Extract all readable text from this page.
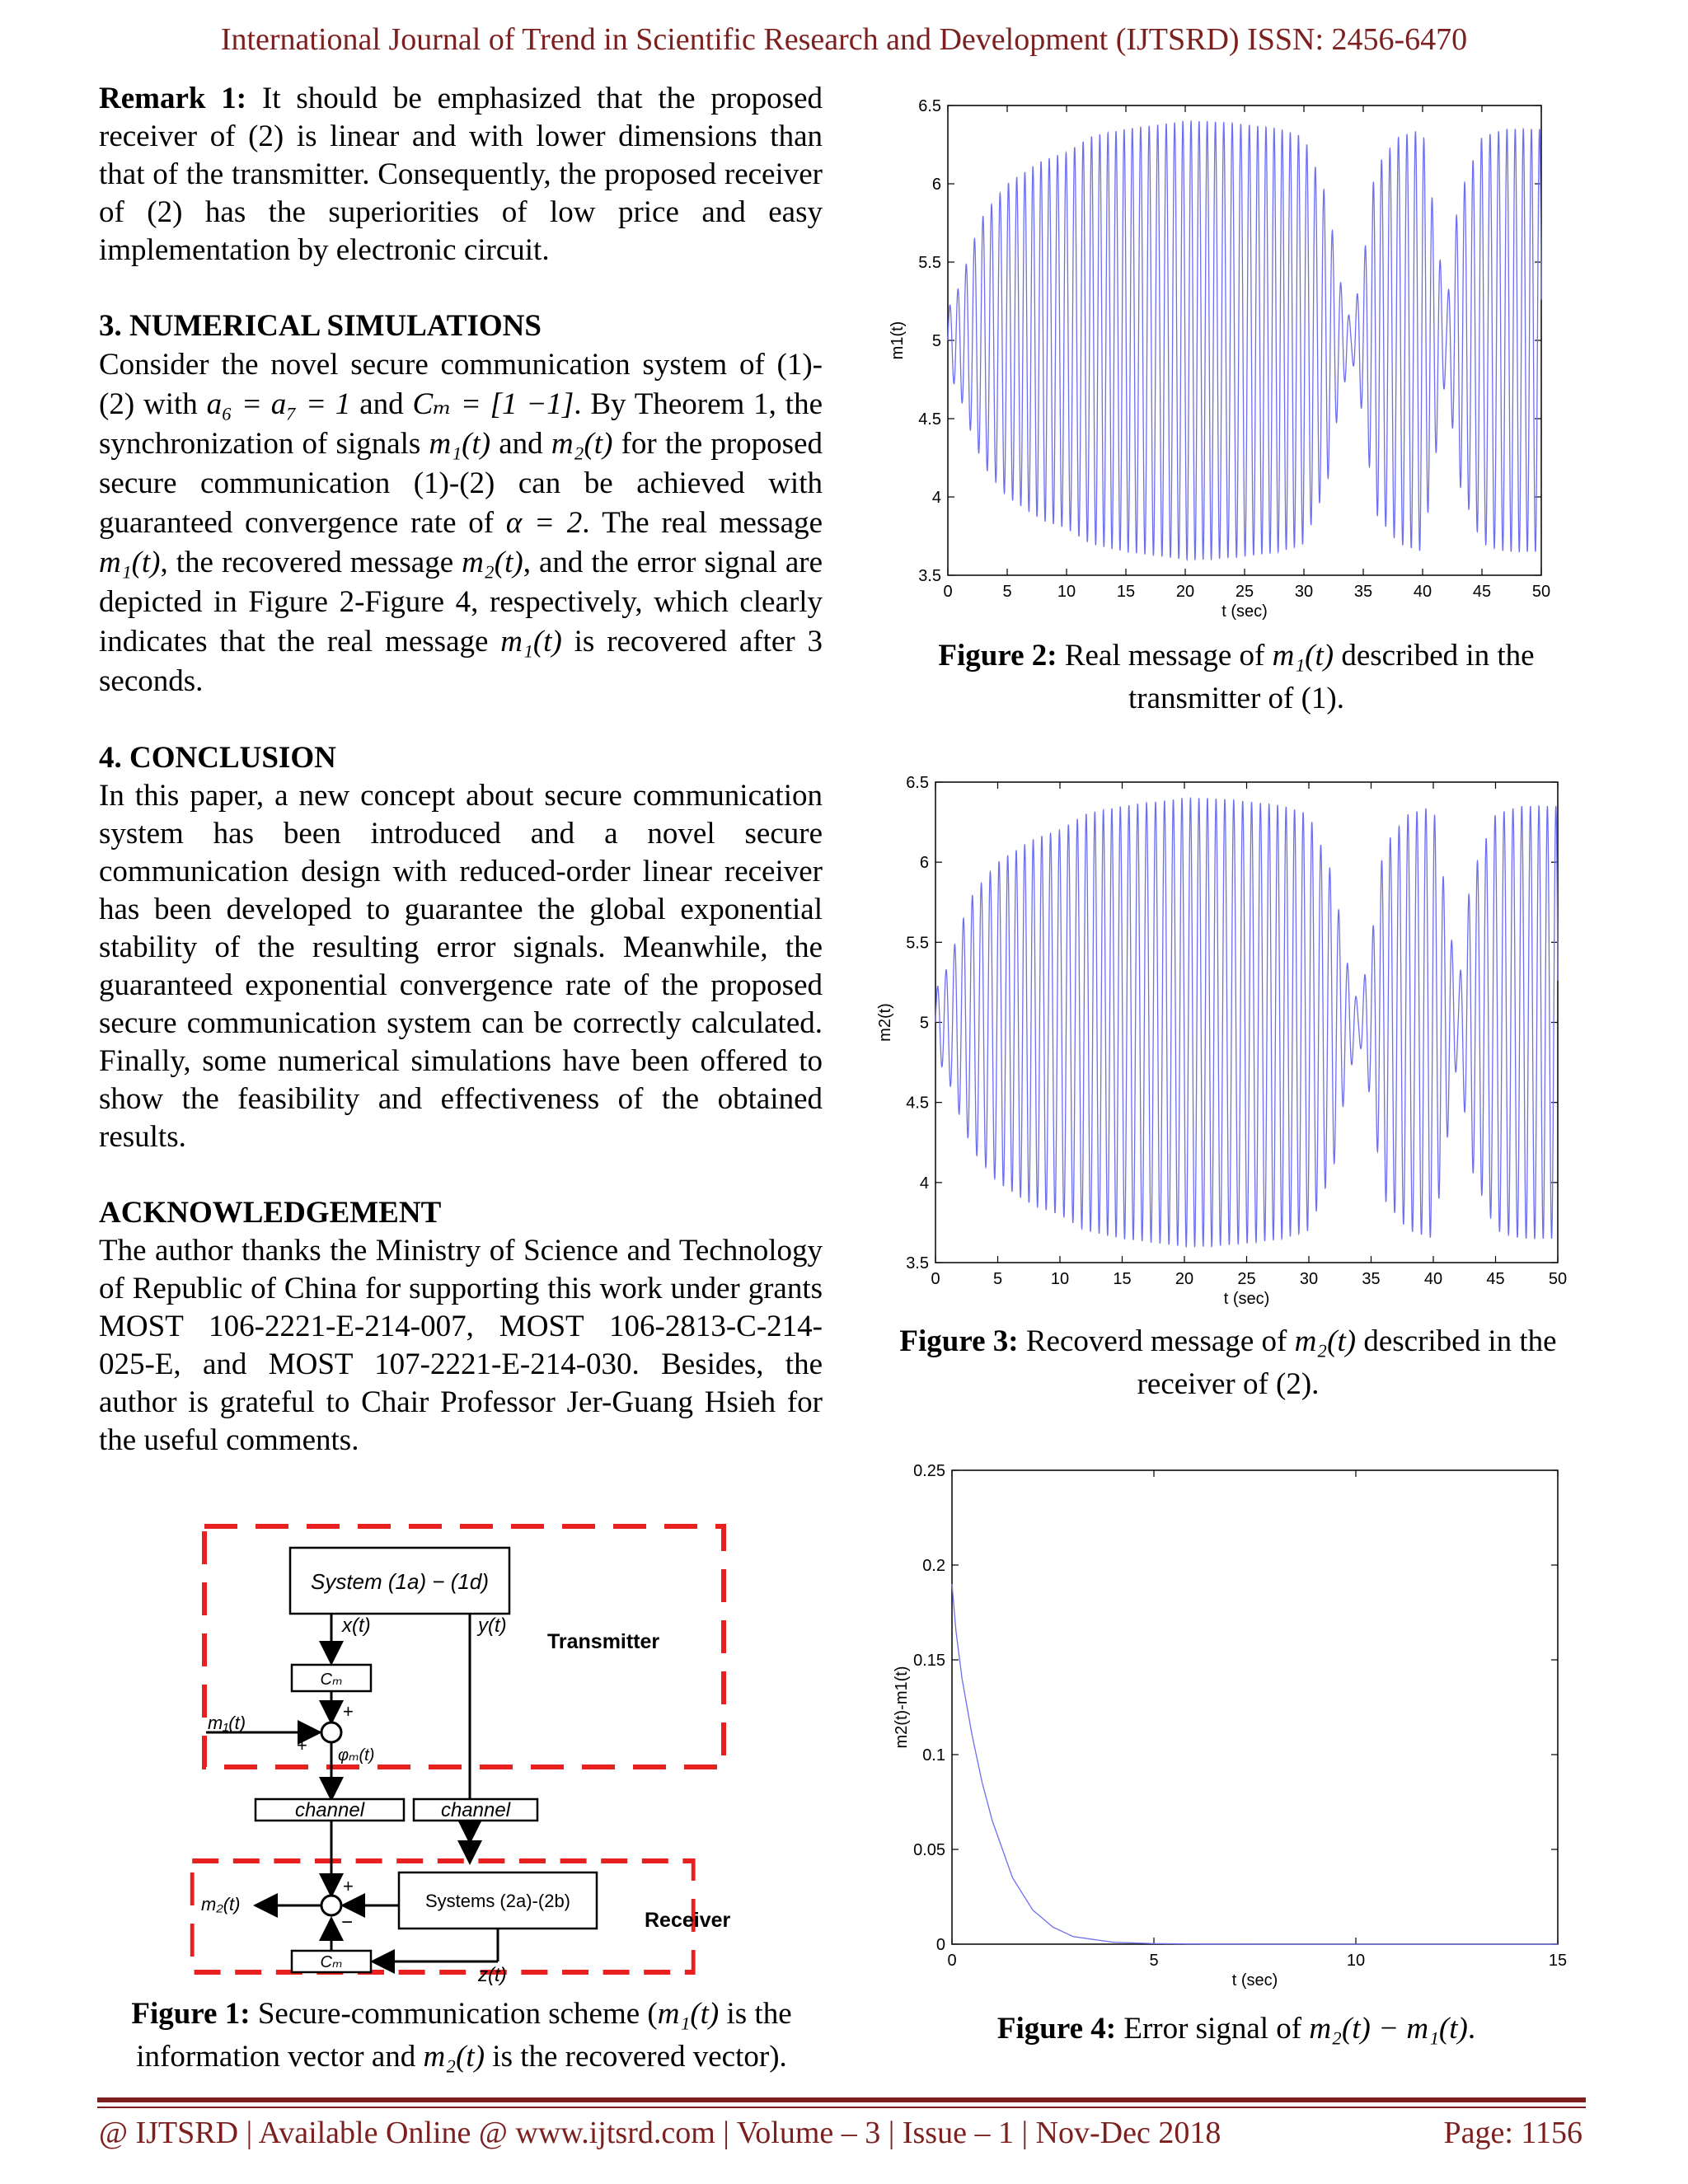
International Journal of Trend in Scientific Research and Development (IJTSRD) ISSN: 2456-6470

Remark 1: It should be emphasized that the proposed receiver of (2) is linear and with lower dimensions than that of the transmitter. Consequently, the proposed receiver of (2) has the superiorities of low price and easy implementation by electronic circuit.

3. NUMERICAL SIMULATIONS

Consider the novel secure communication system of (1)-(2) with a₆ = a₇ = 1 and Cₘ = [1 −1]. By Theorem 1, the synchronization of signals m₁(t) and m₂(t) for the proposed secure communication (1)-(2) can be achieved with guaranteed convergence rate of α = 2. The real message m₁(t), the recovered message m₂(t), and the error signal are depicted in Figure 2-Figure 4, respectively, which clearly indicates that the real message m₁(t) is recovered after 3 seconds.

4. CONCLUSION

In this paper, a new concept about secure communication system has been introduced and a novel secure communication design with reduced-order linear receiver has been developed to guarantee the global exponential stability of the resulting error signals. Meanwhile, the guaranteed exponential convergence rate of the proposed secure communication system can be correctly calculated. Finally, some numerical simulations have been offered to show the feasibility and effectiveness of the obtained results.

ACKNOWLEDGEMENT

The author thanks the Ministry of Science and Technology of Republic of China for supporting this work under grants MOST 106-2221-E-214-007, MOST 106-2813-C-214-025-E, and MOST 107-2221-E-214-030. Besides, the author is grateful to Chair Professor Jer-Guang Hsieh for the useful comments.

System (1a) − (1d)
x(t)	y(t)
Transmitter
Cₘ
+
m₁(t)
+ φₘ(t)
channel	channel
Systems (2a)-(2b)
Receiver
+
−
m₂(t)
Cₘ
z(t)
Figure 1: Secure-communication scheme (m₁(t) is the information vector and m₂(t) is the recovered vector).
0	5	10 15 20 25 30 35 40 45 50
3.5
4
4.5
5
5.5
6
6.5
t (sec)
m1(t)
Figure 2: Real message of m₁(t) described in the transmitter of (1).
0	5	10	15	20	25	30	35	40	45	50
3.5
4
4.5
5
5.5
6
6.5
t (sec)
m2(t)
Figure 3: Recoverd message of m₂(t) described in the receiver of (2).
0	5	10	15
0
0.05
0.1
0.15
0.2
0.25
t (sec)
m2(t)-m1(t)
Figure 4: Error signal of m₂(t) − m₁(t).
@ IJTSRD | Available Online @ www.ijtsrd.com | Volume – 3 | Issue – 1 | Nov-Dec 2018	Page: 1156
